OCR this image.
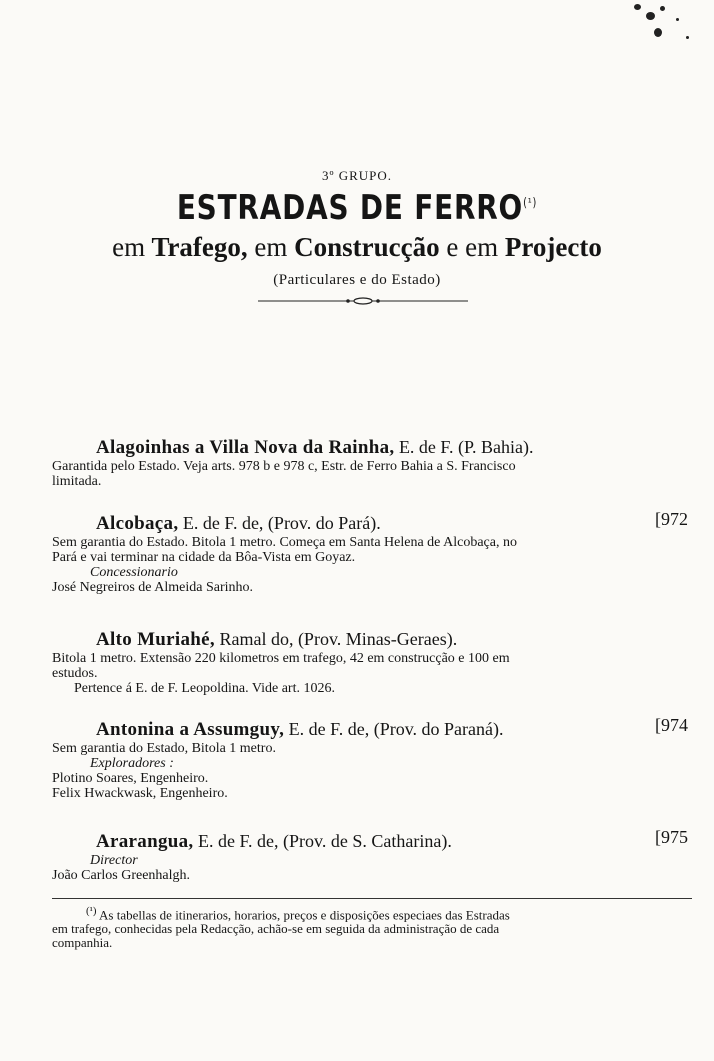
3º GRUPO.
ESTRADAS DE $FERRO^{(^1)}$
em Trafego, em Construcção e em Projecto
(Particulares e do Estado)
Alagoinhas a Villa Nova da Rainha, E. de F. (P. Bahia).

Garantida pelo Estado. Veja arts. 978 b e 978 c, Estr. de Ferro Bahia a S. Francisco

limitada.

Alcobaça, E. de F. de, (Prov. do Pará).	[972

Sem garantia do Estado. Bitola 1 metro. Começa em Santa Helena de Alcobaça, no

Pará e vai terminar na cidade da Bôa-Vista em Goyaz.

Concessionario

José Negreiros de Almeida Sarinho.

Alto Muriahé, Ramal do, (Prov. Minas-Geraes).

Bitola 1 metro. Extensão 220 kilometros em trafego, 42 em construcção e 100 em

estudos.

Pertence á E. de F. Leopoldina. Vide art. 1026.

Antonina a Assumguy, E. de F. de, (Prov. do Paraná).	[974

Sem garantia do Estado, Bitola 1 metro.

Exploradores :

Plotino Soares, Engenheiro.

Felix Hwackwask, Engenheiro.

Ararangua, E. de F. de, (Prov. de S. Catharina).	[975

Director

João Carlos Greenhalgh.

$^{(^1)}$ As tabellas de itinerarios, horarios, preços e disposições especiaes das Estradas

em trafego, conhecidas pela Redacção, achão-se em seguida da administração de cada

companhia.
